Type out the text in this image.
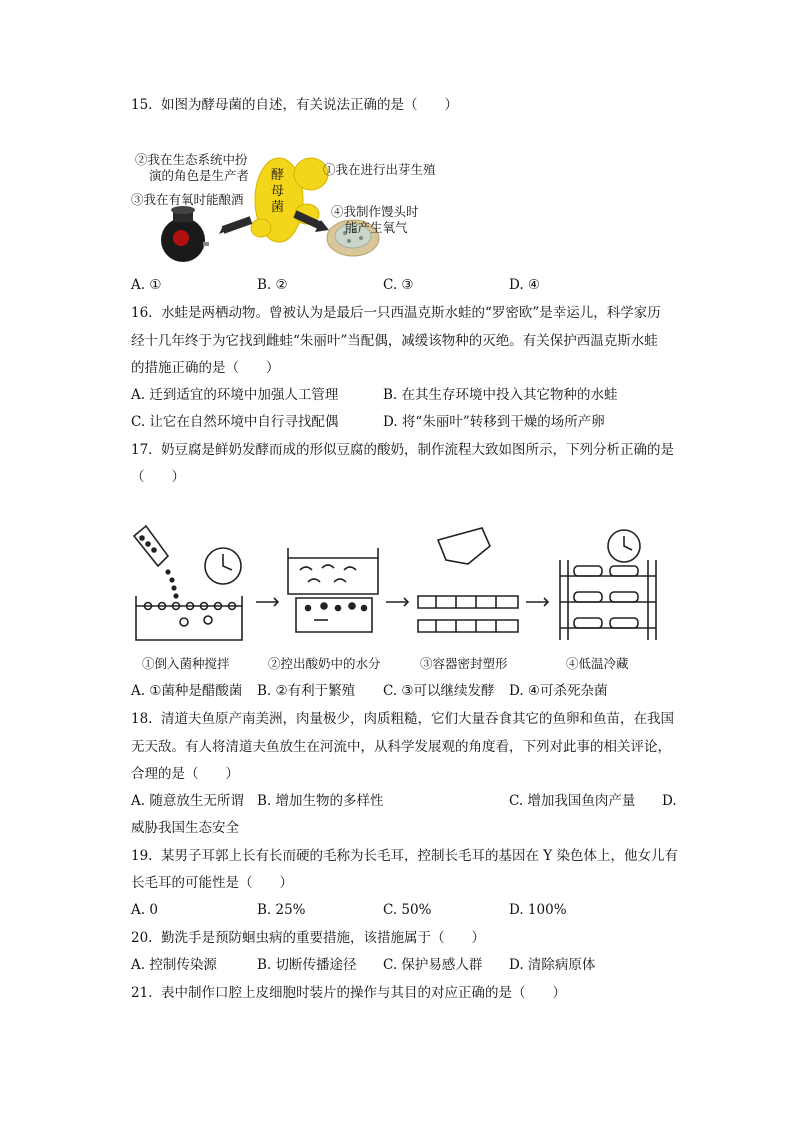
15. 如图为酵母菌的自述，有关说法正确的是（　　）
②我在生态系统中扮
演的角色是生产者
③我在有氧时能酿酒
①我在进行出芽生殖
④我制作馒头时
能产生氧气
酵
母
菌
A. ①	B. ②	C. ③	D. ④
16. 水蛙是两栖动物。曾被认为是最后一只西温克斯水蛙的“罗密欧”是幸运儿，科学家历
经十几年终于为它找到雌蛙“朱丽叶”当配偶，减缓该物种的灭绝。有关保护西温克斯水蛙
的措施正确的是（　　）
A. 迁到适宜的环境中加强人工管理	B. 在其生存环境中投入其它物种的水蛙
C. 让它在自然环境中自行寻找配偶	D. 将“朱丽叶”转移到干燥的场所产卵
17. 奶豆腐是鲜奶发酵而成的形似豆腐的酸奶，制作流程大致如图所示，下列分析正确的是
（　　）
①倒入菌种搅拌	②控出酸奶中的水分	③容器密封塑形	④低温冷藏
A. ①菌种是醋酸菌 B. ②有利于繁殖 C. ③可以继续发酵 D. ④可杀死杂菌
18. 清道夫鱼原产南美洲，肉量极少，肉质粗糙，它们大量吞食其它的鱼卵和鱼苗，在我国
无天敌。有人将清道夫鱼放生在河流中，从科学发展观的角度看，下列对此事的相关评论，
合理的是（　　）
A. 随意放生无所谓 B. 增加生物的多样性	C. 增加我国鱼肉产量 D.
威胁我国生态安全
19. 某男子耳郭上长有长而硬的毛称为长毛耳，控制长毛耳的基因在 Y 染色体上，他女儿有
长毛耳的可能性是（　　）
A. 0	B. 25%	C. 50%	D. 100%
20. 勤洗手是预防蛔虫病的重要措施，该措施属于（　　）
A. 控制传染源	B. 切断传播途径 C. 保护易感人群 D. 清除病原体
21. 表中制作口腔上皮细胞时装片的操作与其目的对应正确的是（　　）
